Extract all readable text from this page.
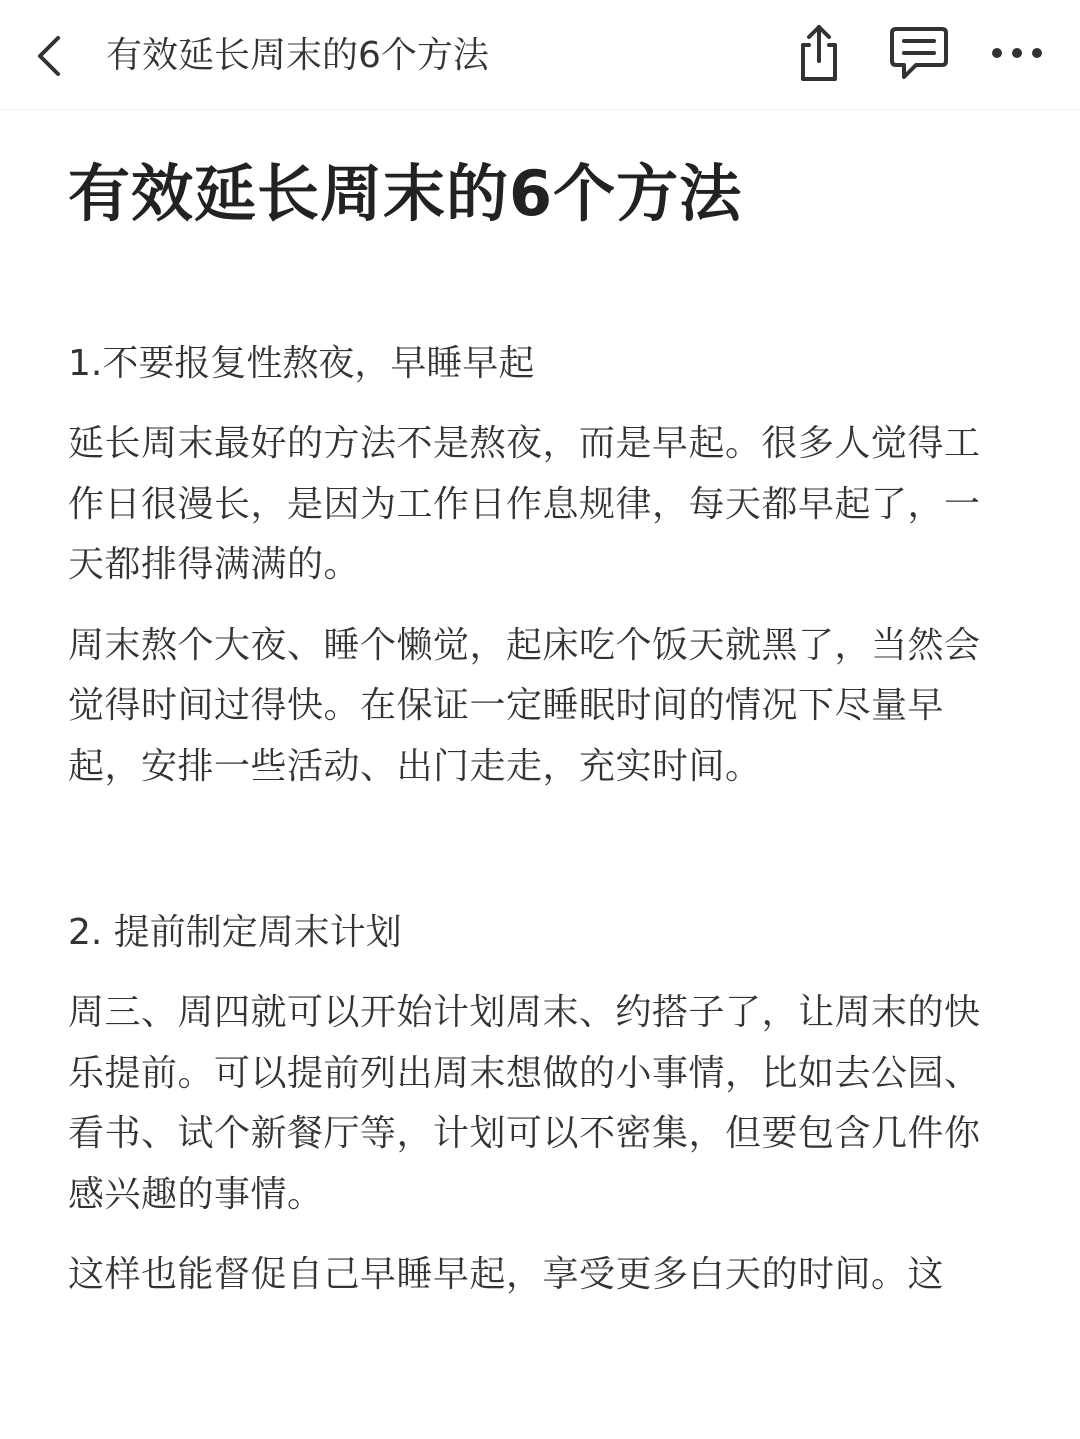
有效延长周末的6个方法
有效延长周末的6个方法

1.不要报复性熬夜，早睡早起

延长周末最好的方法不是熬夜，而是早起。很多人觉得工作日很漫长，是因为工作日作息规律，每天都早起了，一天都排得满满的。

周末熬个大夜、睡个懒觉，起床吃个饭天就黑了，当然会觉得时间过得快。在保证一定睡眠时间的情况下尽量早起，安排一些活动、出门走走，充实时间。

2. 提前制定周末计划

周三、周四就可以开始计划周末、约搭子了，让周末的快乐提前。可以提前列出周末想做的小事情，比如去公园、看书、试个新餐厅等，计划可以不密集，但要包含几件你感兴趣的事情。

这样也能督促自己早睡早起，享受更多白天的时间。这
